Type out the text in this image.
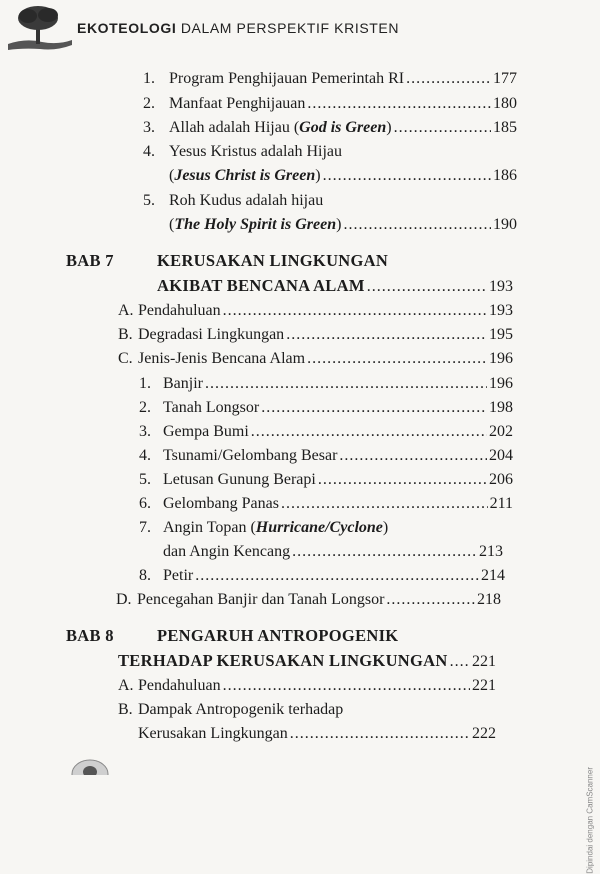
EKOTEOLOGI DALAM PERSPEKTIF KRISTEN
1. Program Penghijauan Pemerintah RI .....	177
2. Manfaat Penghijauan .....	180
3. Allah adalah Hijau (God is Green) .....	185
4. Yesus Kristus adalah Hijau
(Jesus Christ is Green) .....	186
5. Roh Kudus adalah hijau
(The Holy Spirit is Green) .....	190
BAB 7	KERUSAKAN LINGKUNGAN
AKIBAT BENCANA ALAM .....	193
A. Pendahuluan .....	193
B. Degradasi Lingkungan .....	195
C. Jenis-Jenis Bencana Alam .....	196
1. Banjir .....	196
2. Tanah Longsor .....	198
3. Gempa Bumi .....	202
4. Tsunami/Gelombang Besar .....	204
5. Letusan Gunung Berapi .....	206
6. Gelombang Panas .....	211
7. Angin Topan (Hurricane/Cyclone)
dan Angin Kencang .....	213
8. Petir .....	214
D. Pencegahan Banjir dan Tanah Longsor .....	218
BAB 8	PENGARUH ANTROPOGENIK
TERHADAP KERUSAKAN LINGKUNGAN ..... 221
A. Pendahuluan .....	221
B. Dampak Antropogenik terhadap
Kerusakan Lingkungan .....	222
Dipindai dengan CamScanner
